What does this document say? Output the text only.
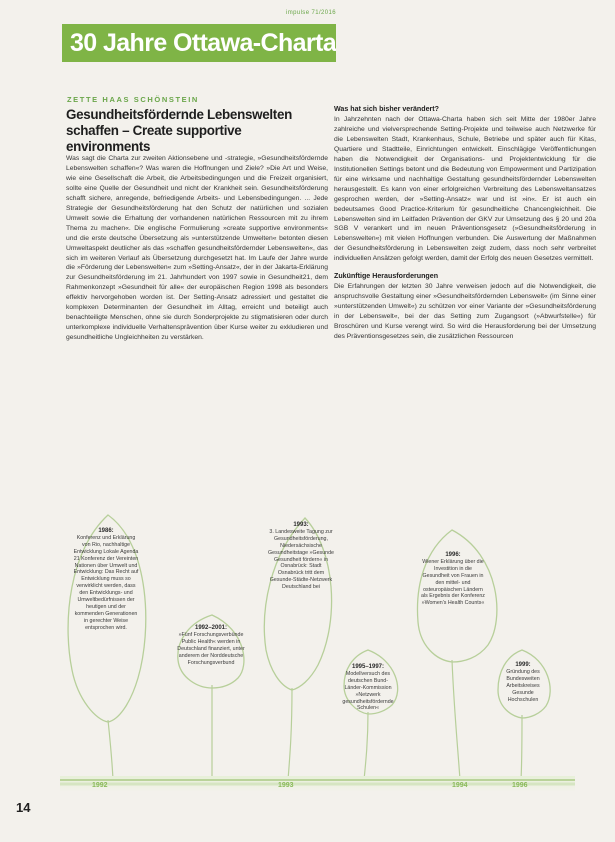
impulse 71/2016
30 Jahre Ottawa-Charta
ZETTE HAAS SCHÖNSTEIN
Gesundheitsfördernde Lebenswelten schaffen – Create supportive environments

Was sagt die Charta zur zweiten Aktionsebene und -strategie, »Gesundheitsfördernde Lebenswelten schaffen«? Was waren die Hoffnungen und Ziele? »Die Art und Weise, wie eine Gesellschaft die Arbeit, die Arbeitsbedingungen und die Freizeit organisiert, sollte eine Quelle der Gesundheit und nicht der Krankheit sein. Gesundheitsförderung schafft sichere, anregende, befriedigende Arbeits- und Lebensbedingungen. ... Jede Strategie der Gesundheitsförderung hat den Schutz der natürlichen und sozialen Umwelt sowie die Erhaltung der vorhandenen natürlichen Ressourcen mit zu ihrem Thema zu machen«. Die englische Formulierung »create supportive environments« und die erste deutsche Übersetzung als »unterstützende Umwelten« betonten diesen Umweltaspekt deutlicher als das »schaffen gesundheitsfördernder Lebenswelten«, das sich im weiteren Verlauf als Übersetzung durchgesetzt hat. Im Laufe der Jahre wurde die »Förderung der Lebenswelten« zum »Setting-Ansatz«, der in der Jakarta-Erklärung zur Gesundheitsförderung im 21. Jahrhundert von 1997 sowie in Gesundheit21, dem Rahmenkonzept »Gesundheit für alle« der europäischen Region 1998 als besonders effektiv hervorgehoben worden ist. Der Setting-Ansatz adressiert und gestaltet die komplexen Determinanten der Gesundheit im Alltag, erreicht und beteiligt auch benachteiligte Menschen, ohne sie durch Sonderprojekte zu stigmatisieren oder durch unterkomplexe individuelle Verhaltensprävention über Kurse weiter zu exkludieren und gesundheitliche Ungleichheiten zu verstärken.

Was hat sich bisher verändert?

In Jahrzehnten nach der Ottawa-Charta haben sich seit Mitte der 1980er Jahre zahlreiche und vielversprechende Setting-Projekte und teilweise auch Netzwerke für die Lebenswelten Stadt, Krankenhaus, Schule, Betriebe und später auch für Kitas, Quartiere und Stadtteile, Einrichtungen entwickelt. Einschlägige Veröffentlichungen haben die Notwendigkeit der Organisations- und Projektentwicklung für die Institutionellen Settings betont und die Bedeutung von Empowerment und Partizipation für eine wirksame und nachhaltige Gestaltung gesundheitsfördernder Lebenswelten herausgestellt. Es kann von einer erfolgreichen Verbreitung des Lebensweltansatzes gesprochen werden, der »Setting-Ansatz« war und ist »in«. Er ist auch ein bedeutsames Good Practice-Kriterium für gesundheitliche Chancengleichheit. Die Lebenswelten sind im Leitfaden Prävention der GKV zur Umsetzung des § 20 und 20a SGB V verankert und im neuen Präventionsgesetz (»Gesundheitsförderung in Lebenswelten«) mit vielen Hoffnungen verbunden. Die Auswertung der Maßnahmen der Gesundheitsförderung in Lebenswelten zeigt zudem, dass noch sehr verbreitet individuellen Ansätzen gefolgt werden, damit der Erfolg des neuen Gesetzes vermittelt.

Zukünftige Herausforderungen

Die Erfahrungen der letzten 30 Jahre verweisen jedoch auf die Notwendigkeit, die anspruchsvolle Gestaltung einer »Gesundheitsfördernden Lebenswelt« (im Sinne einer »unterstützenden Umwelt«) zu schützen vor einer Variante der »Gesundheitsförderung in der Lebenswelt«, bei der das Setting zum Zugangsort (»Abwurfstelle«) für Broschüren und Kurse verengt wird. So wird die Herausforderung bei der Umsetzung des Präventionsgesetzes sein, die zusätzlichen Ressourcen

1986:
Konferenz und Erklärung von Rio, nachhaltige Entwicklung Lokale Agenda 21 Konferenz der Vereinten Nationen über Umwelt und Entwicklung: Das Recht auf Entwicklung muss so verwirklicht werden, dass den Entwicklungs- und Umweltbedürfnissen der heutigen und der kommenden Generationen in gerechter Weise entsprochen wird.	1992–2001:
»Fünf Forschungsverbünde Public Health« werden in Deutschland finanziert, unter anderem der Norddeutsche Forschungsverbund
1993:
3. Landesweite Tagung zur Gesundheitsförderung, Niedersächsische Gesundheitstage »Gesunde Gesundheit fördern« in Osnabrück: Stadt Osnabrück tritt dem Gesunde-Städte-Netzwerk Deutschland bei
1995–1997:
Modellversuch des deutschen Bund-Länder-Kommission »Netzwerk gesundheitsfördernde Schulen«
1996:
Wiener Erklärung über die Investition in die Gesundheit von Frauen in den mittel- und osteuropäischen Ländern als Ergebnis der Konferenz »Women's Health Counts«
1999:
Gründung des Bundesweiten Arbeitskreises Gesunde Hochschulen
1992	1993	1994	1996
14
